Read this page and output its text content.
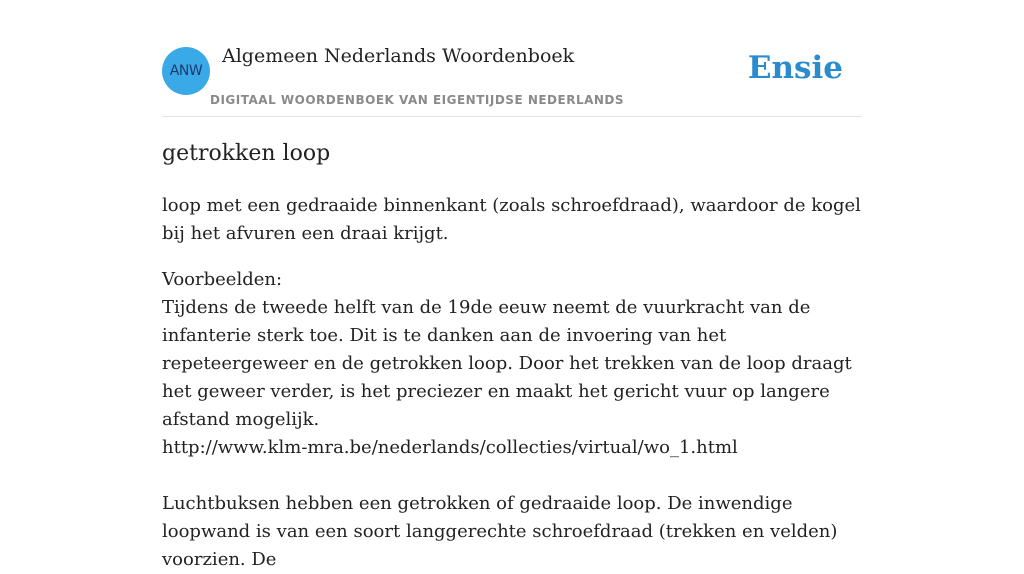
ANW
Algemeen Nederlands Woordenboek
DIGITAAL WOORDENBOEK VAN EIGENTIJDSE NEDERLANDS
Ensie
getrokken loop

loop met een gedraaide binnenkant (zoals schroefdraad), waardoor de kogel bij het afvuren een draai krijgt.

Voorbeelden:

Tijdens de tweede helft van de 19de eeuw neemt de vuurkracht van de infanterie sterk toe. Dit is te danken aan de invoering van het repeteergeweer en de getrokken loop. Door het trekken van de loop draagt het geweer verder, is het preciezer en maakt het gericht vuur op langere afstand mogelijk.

http://www.klm-mra.be/nederlands/collecties/virtual/wo_1.html

Luchtbuksen hebben een getrokken of gedraaide loop. De inwendige loopwand is van een soort langgerechte schroefdraad (trekken en velden) voorzien. De
